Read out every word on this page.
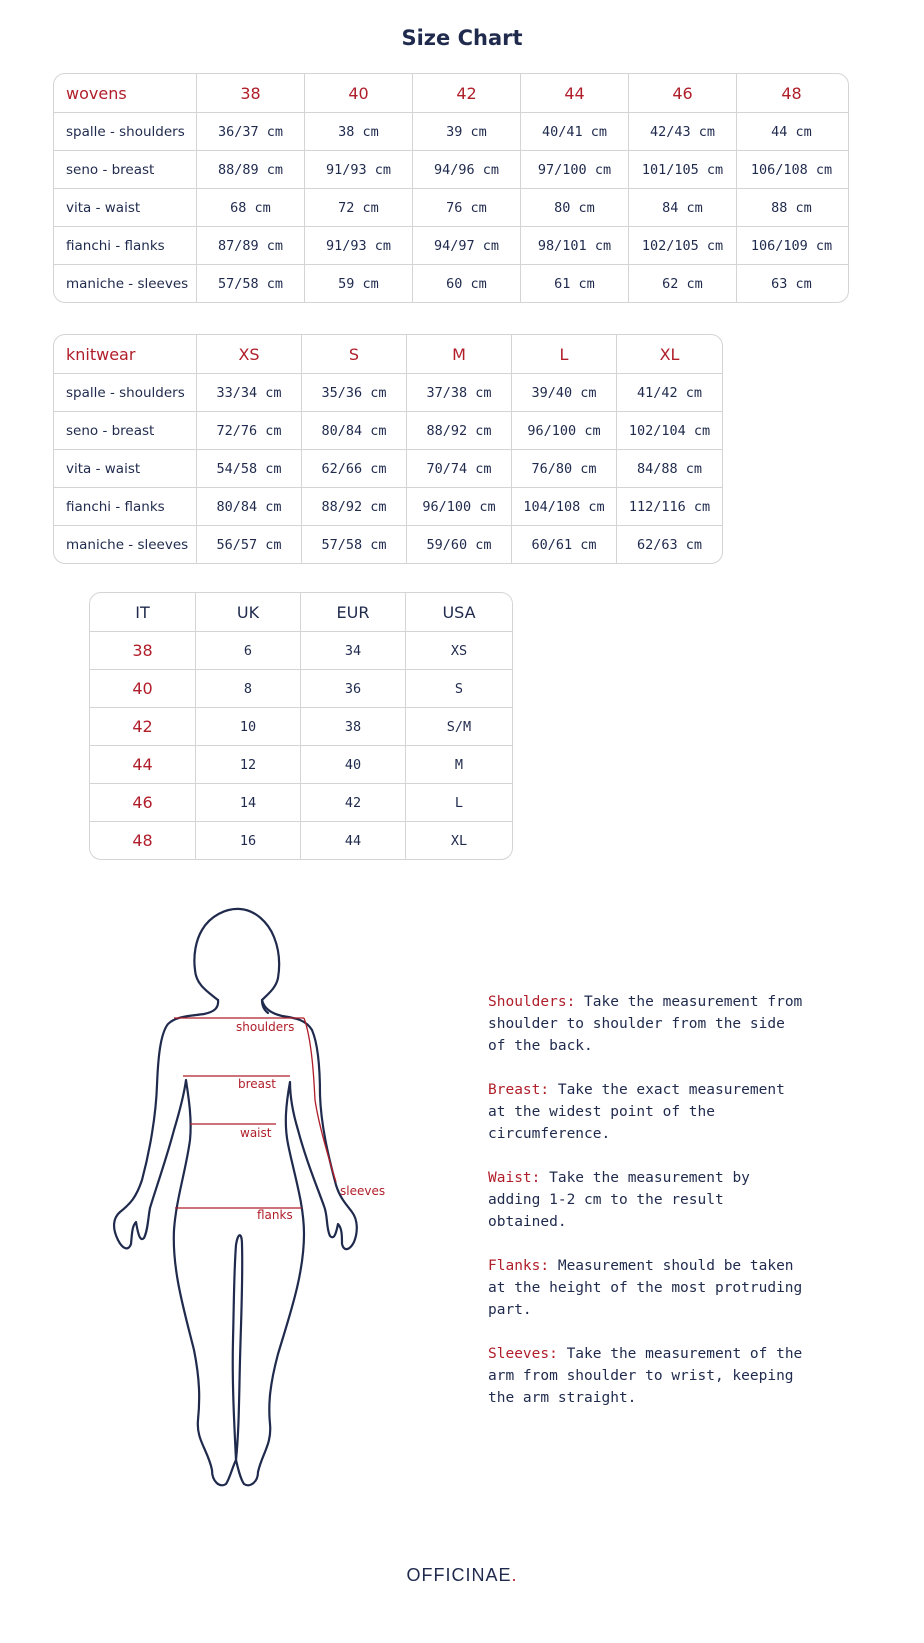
Size Chart
wovens	38	40	42	44	46	48
spalle - shoulders	36/37 cm	38 cm	39 cm	40/41 cm	42/43 cm	44 cm
seno - breast	88/89 cm	91/93 cm	94/96 cm	97/100 cm	101/105 cm	106/108 cm
vita - waist	68 cm	72 cm	76 cm	80 cm	84 cm	88 cm
fianchi - flanks	87/89 cm	91/93 cm	94/97 cm	98/101 cm	102/105 cm	106/109 cm
maniche - sleeves	57/58 cm	59 cm	60 cm	61 cm	62 cm	63 cm
knitwear	XS	S	M	L	XL
spalle - shoulders	33/34 cm	35/36 cm	37/38 cm	39/40 cm	41/42 cm
seno - breast	72/76 cm	80/84 cm	88/92 cm	96/100 cm	102/104 cm
vita - waist	54/58 cm	62/66 cm	70/74 cm	76/80 cm	84/88 cm
fianchi - flanks	80/84 cm	88/92 cm	96/100 cm	104/108 cm	112/116 cm
maniche - sleeves	56/57 cm	57/58 cm	59/60 cm	60/61 cm	62/63 cm
IT	UK	EUR	USA
38	6	34	XS
40	8	36	S
42	10	38	S/M
44	12	40	M
46	14	42	L
48	16	44	XL
shoulders
breast
waist
sleeves
flanks

Shoulders: Take the measurement from shoulder to shoulder from the side of the back.

Breast: Take the exact measurement at the widest point of the circumference.

Waist: Take the measurement by adding 1-2 cm to the result obtained.

Flanks: Measurement should be taken at the height of the most protruding part.

Sleeves: Take the measurement of the arm from shoulder to wrist, keeping the arm straight.

OFFICINAE.
